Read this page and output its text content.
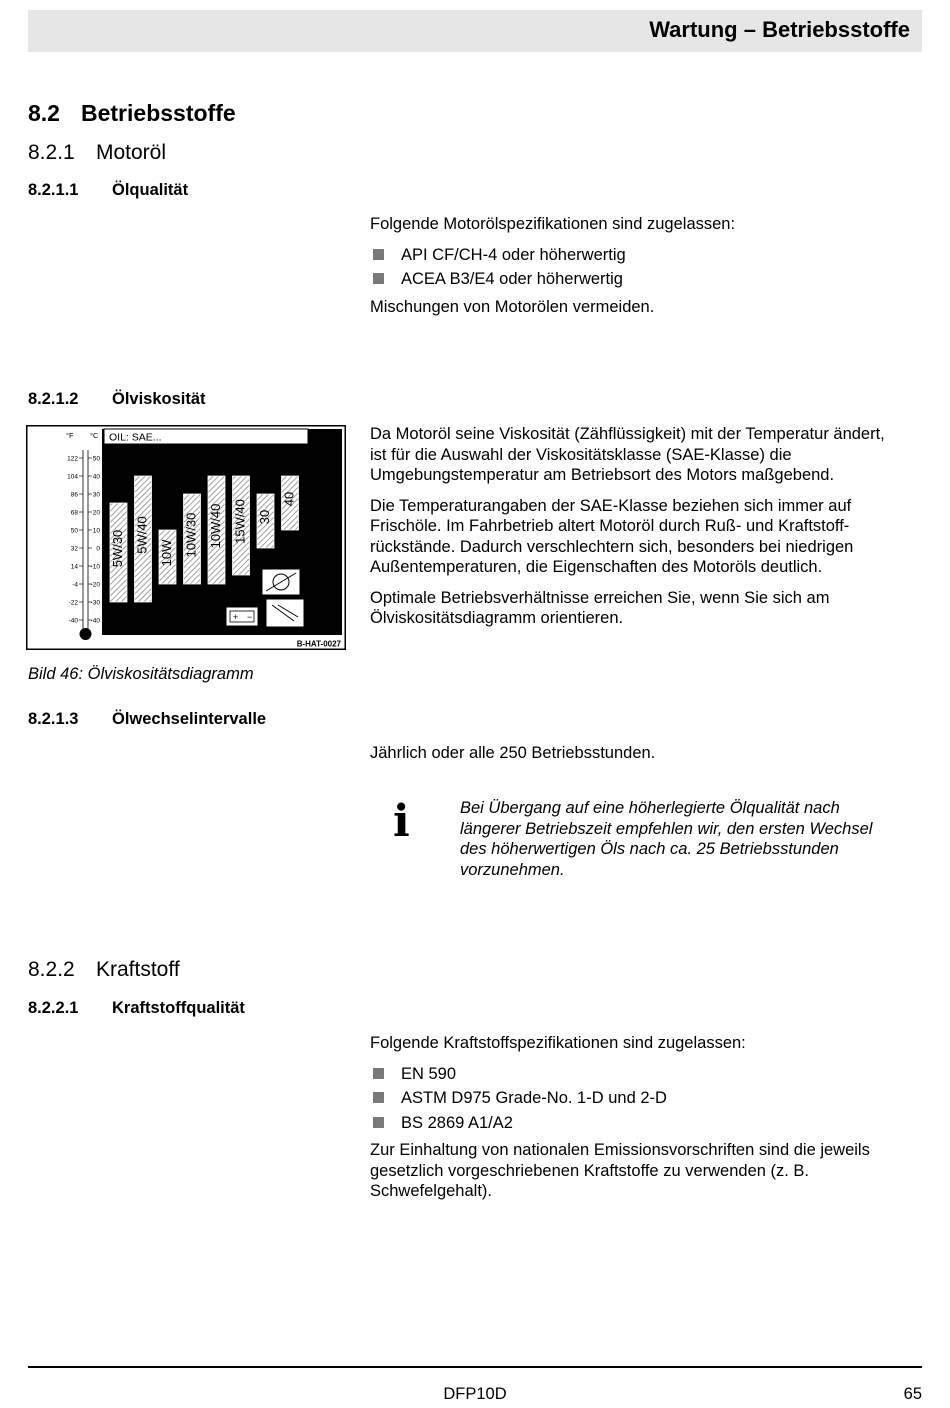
Wartung – Betriebsstoffe
8.2 Betriebsstoffe
8.2.1 Motoröl
8.2.1.1 Ölqualität
Folgende Motorölspezifikationen sind zugelassen:
API CF/CH-4 oder höherwertig
ACEA B3/E4 oder höherwertig
Mischungen von Motorölen vermeiden.
8.2.1.2 Ölviskosität
Da Motoröl seine Viskosität (Zähflüssigkeit) mit der Temperatur ändert, ist für die Auswahl der Viskositätsklasse (SAE-Klasse) die Umgebungstemperatur am Betriebsort des Motors maßgebend.
Die Temperaturangaben der SAE-Klasse beziehen sich immer auf Frischöle. Im Fahrbetrieb altert Motoröl durch Ruß- und Kraftstoffrückstände. Dadurch verschlechtern sich, besonders bei niedrigen Außentemperaturen, die Eigenschaften des Motoröls deutlich.
Optimale Betriebsverhältnisse erreichen Sie, wenn Sie sich am Ölviskositätsdiagramm orientieren.
OIL: SAE...
°F °C
122 50
104 40
86 30
68 20
50 10
32	0
14 -10
-4 -20
-22 -30
-40 -40
5W/30 5W/40 10W 10W/30 10W/40 15W/40 30
40
+ −
B-HAT-0027
Bild 46: Ölviskositätsdiagramm
8.2.1.3 Ölwechselintervalle
Jährlich oder alle 250 Betriebsstunden.
i	Bei Übergang auf eine höherlegierte Ölqualität nach längerer Betriebszeit empfehlen wir, den ersten Wechsel des höherwertigen Öls nach ca. 25 Betriebsstunden vorzunehmen.
8.2.2 Kraftstoff
8.2.2.1 Kraftstoffqualität
Folgende Kraftstoffspezifikationen sind zugelassen:
EN 590
ASTM D975 Grade-No. 1-D und 2-D
BS 2869 A1/A2
Zur Einhaltung von nationalen Emissionsvorschriften sind die jeweils gesetzlich vorgeschriebenen Kraftstoffe zu verwenden (z. B. Schwefelgehalt).
DFP10D	65
